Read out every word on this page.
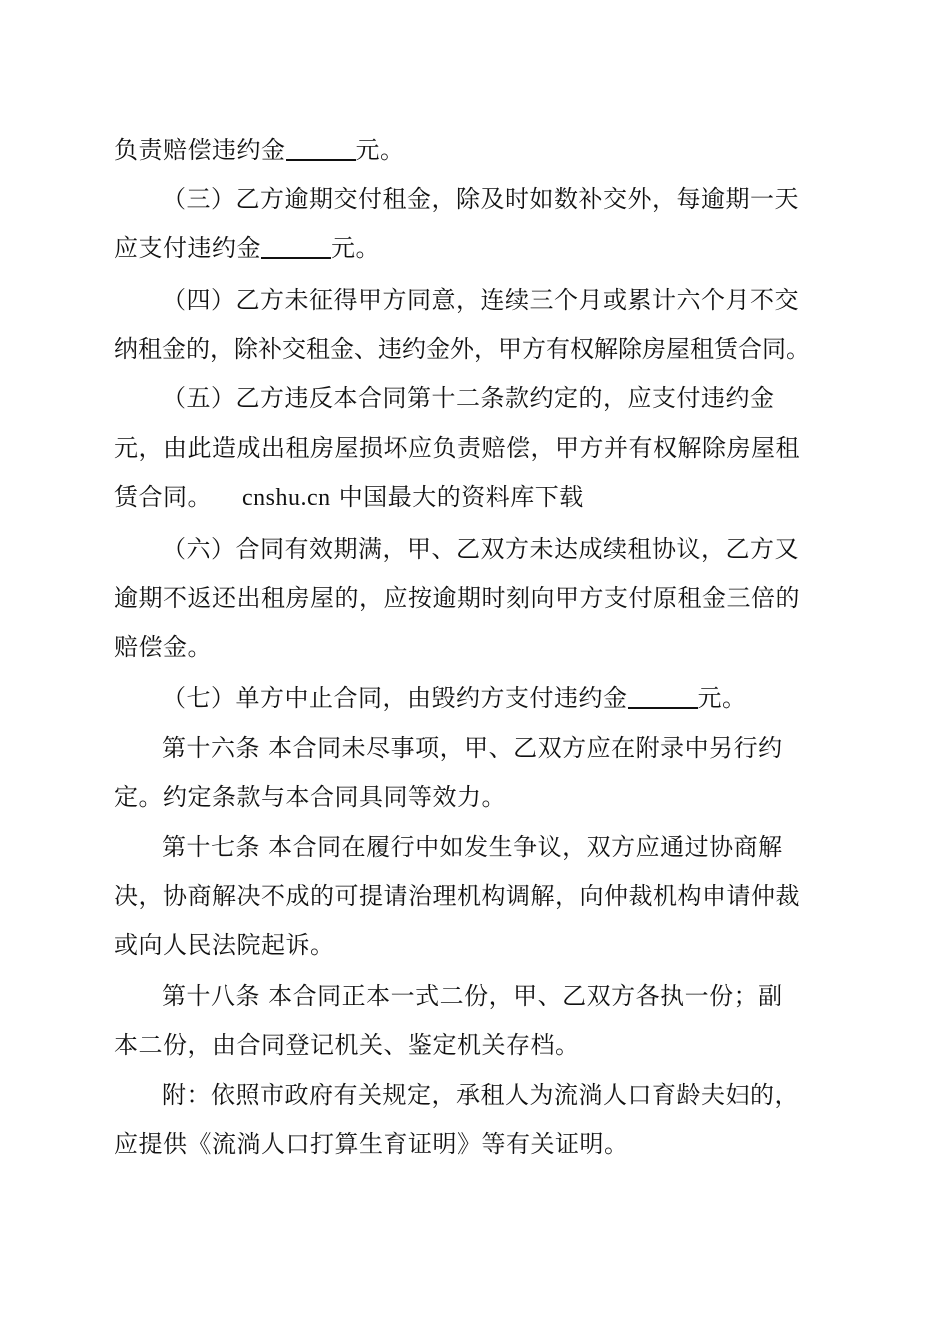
负责赔偿违约金	元。
（三）乙方逾期交付租金，除及时如数补交外，每逾期一天
应支付违约金	元。
（四）乙方未征得甲方同意，连续三个月或累计六个月不交
纳租金的，除补交租金、违约金外，甲方有权解除房屋租赁合同。
（五）乙方违反本合同第十二条款约定的，应支付违约金
元，由此造成出租房屋损坏应负责赔偿，甲方并有权解除房屋租
赁合同。 cnshu.cn 中国最大的资料库下载
（六）合同有效期满，甲、乙双方未达成续租协议，乙方又
逾期不返还出租房屋的，应按逾期时刻向甲方支付原租金三倍的
赔偿金。
（七）单方中止合同，由毁约方支付违约金	元。
第十六条 本合同未尽事项，甲、乙双方应在附录中另行约
定。约定条款与本合同具同等效力。
第十七条 本合同在履行中如发生争议，双方应通过协商解
决，协商解决不成的可提请治理机构调解，向仲裁机构申请仲裁
或向人民法院起诉。
第十八条 本合同正本一式二份，甲、乙双方各执一份；副
本二份，由合同登记机关、鉴定机关存档。
附：依照市政府有关规定，承租人为流淌人口育龄夫妇的，
应提供《流淌人口打算生育证明》等有关证明。
